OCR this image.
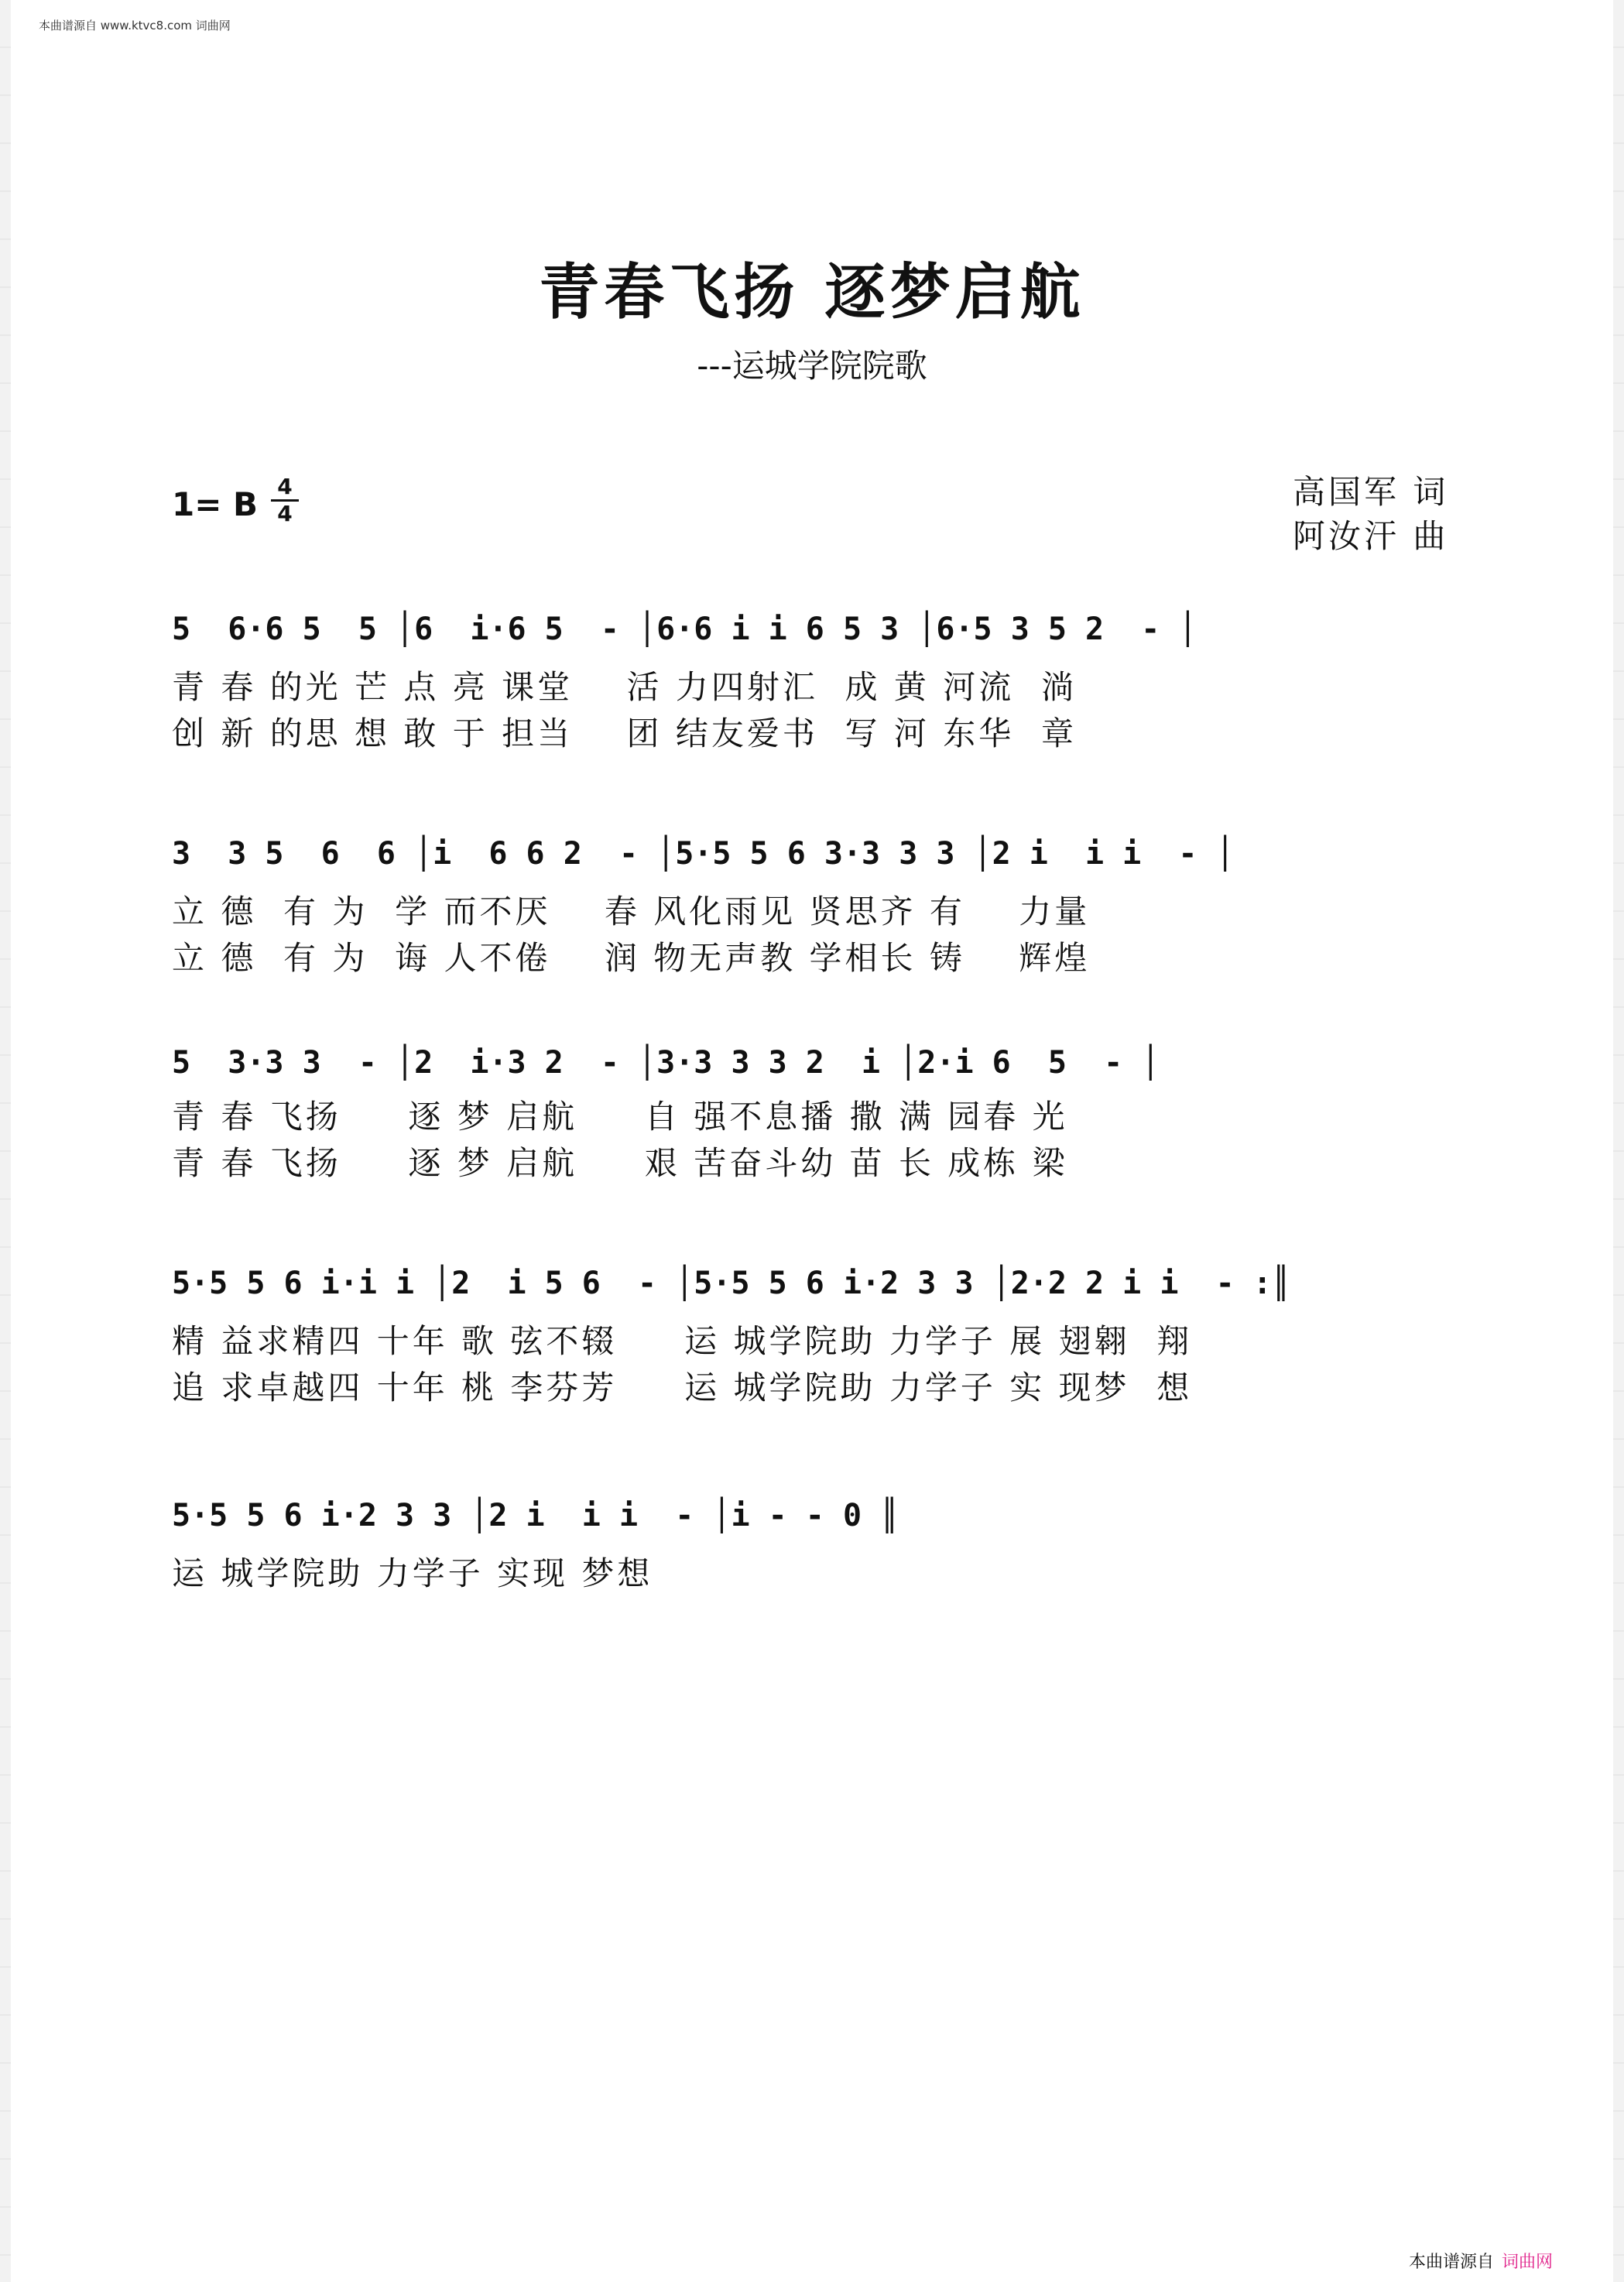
本曲谱源自 www.ktvc8.com 词曲网
青春飞扬 逐梦启航
---运城学院院歌
1= B 4
4
高国军 词
阿汝汗 曲
5  6·6 5  5 │6  i·6 5  - │6·6 i i 6 5 3 │6·5 3 5 2  - │
青 春 的光 芒 点 亮 课堂    活 力四射汇  成 黄 河流  淌
创 新 的思 想 敢 于 担当    团 结友爱书  写 河 东华  章
3  3 5  6  6 │i  6 6 2  - │5·5 5 6 3·3 3 3 │2 i  i i  - │
立 德  有 为  学 而不厌    春 风化雨见 贤思齐 有    力量
立 德  有 为  诲 人不倦    润 物无声教 学相长 铸    辉煌
5  3·3 3  - │2  i·3 2  - │3·3 3 3 2  i │2·i 6  5  - │
青 春 飞扬     逐 梦 启航     自 强不息播 撒 满 园春 光
青 春 飞扬     逐 梦 启航     艰 苦奋斗幼 苗 长 成栋 梁
5·5 5 6 i·i i │2  i 5 6  - │5·5 5 6 i·2 3 3 │2·2 2 i i  - :║
精 益求精四 十年 歌 弦不辍     运 城学院助 力学子 展 翅翱  翔
追 求卓越四 十年 桃 李芬芳     运 城学院助 力学子 实 现梦  想
5·5 5 6 i·2 3 3 │2 i  i i  - │i - - 0 ║
运 城学院助 力学子 实现 梦想
本曲谱源自 词曲网
